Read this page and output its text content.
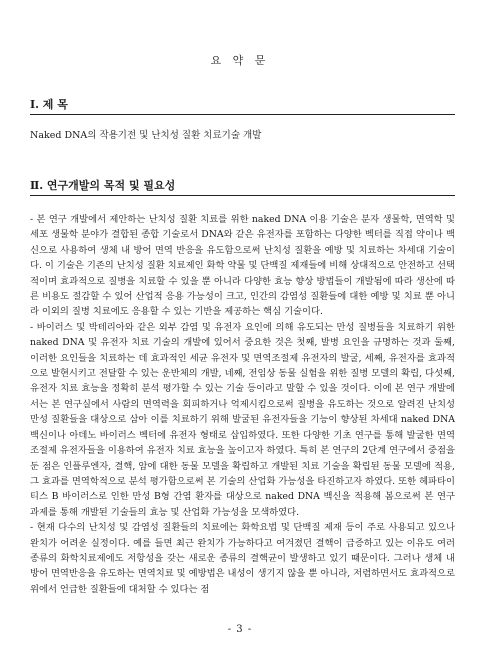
요 약 문
Ⅰ. 제 목
Naked DNA의 작용기전 및 난치성 질환 치료기술 개발
Ⅱ. 연구개발의 목적 및 필요성

- 본 연구 개발에서 제안하는 난치성 질환 치료를 위한 naked DNA 이용 기술은 분자 생물학, 면역학 및 세포 생물학 분야가 결합된 종합 기술로서 DNA와 같은 유전자를 포함하는 다양한 벡터를 직접 약이나 백신으로 사용하여 생체 내 방어 면역 반응을 유도함으로써 난치성 질환을 예방 및 치료하는 차세대 기술이다. 이 기술은 기존의 난치성 질환 치료제인 화학 약물 및 단백질 제재들에 비해 상대적으로 안전하고 선택적이며 효과적으로 질병을 치료할 수 있을 뿐 아니라 다양한 효능 향상 방법들이 개발됨에 따라 생산에 따른 비용도 절감할 수 있어 산업적 응용 가능성이 크고, 인간의 감염성 질환들에 대한 예방 및 치료 뿐 아니라 이외의 질병 치료에도 응용할 수 있는 기반을 제공하는 핵심 기술이다.

- 바이러스 및 박테리아와 같은 외부 감염 및 유전자 요인에 의해 유도되는 만성 질병들을 치료하기 위한 naked DNA 및 유전자 치료 기술의 개발에 있어서 중요한 것은 첫째, 발병 요인을 규명하는 것과 둘째, 이러한 요인들을 치료하는 데 효과적인 세균 유전자 및 면역조절제 유전자의 발굴, 세째, 유전자를 효과적으로 발현시키고 전달할 수 있는 운반체의 개발, 네째, 전임상 동물 실험을 위한 질병 모델의 확립, 다섯째, 유전자 치료 효능을 정확히 분석 평가할 수 있는 기술 등이라고 말할 수 있을 것이다. 이에 본 연구 개발에서는 본 연구실에서 사람의 면역력을 회피하거나 억제시킴으로써 질병을 유도하는 것으로 알려진 난치성 만성 질환들을 대상으로 삼아 이를 치료하기 위해 발굴된 유전자들을 기능이 향상된 차세대 naked DNA 백신이나 아데노 바이러스 벡터에 유전자 형태로 삽입하였다. 또한 다양한 기초 연구를 통해 발굴한 면역 조절제 유전자들을 이용하여 유전자 치료 효능을 높이고자 하였다. 특히 본 연구의 2단계 연구에서 중점을 둔 점은 인플루엔자, 결핵, 암에 대한 동물 모델을 확립하고 개발된 치료 기술을 확립된 동물 모델에 적용, 그 효과를 면역학적으로 분석 평가함으로써 본 기술의 산업화 가능성을 타진하고자 하였다. 또한 헤파타이티스 B 바이러스로 인한 만성 B형 간염 환자를 대상으로 naked DNA 백신을 적용해 봄으로써 본 연구 과제를 통해 개발된 기술들의 효능 및 산업화 가능성을 모색하였다.

- 현재 다수의 난치성 및 감염성 질환들의 치료에는 화학요법 및 단백질 제재 등이 주로 사용되고 있으나 완치가 어려운 실정이다. 예를 들면 최근 완치가 가능하다고 여겨졌던 결핵이 급증하고 있는 이유도 여러 종류의 화학치료제에도 저항성을 갖는 새로운 종류의 결핵균이 발생하고 있기 때문이다. 그러나 생체 내 방어 면역반응을 유도하는 면역치료 및 예방법은 내성이 생기지 않을 뿐 아니라, 저렴하면서도 효과적으로 위에서 언급한 질환들에 대처할 수 있다는 점

- 3 -
